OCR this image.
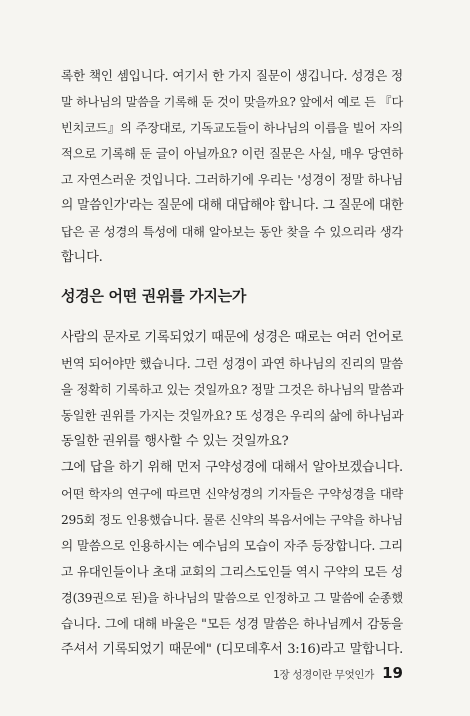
록한 책인 셈입니다. 여기서 한 가지 질문이 생깁니다. 성경은 정
말 하나님의 말씀을 기록해 둔 것이 맞을까요? 앞에서 예로 든 『다
빈치코드』의 주장대로, 기독교도들이 하나님의 이름을 빌어 자의
적으로 기록해 둔 글이 아닐까요? 이런 질문은 사실, 매우 당연하
고 자연스러운 것입니다. 그러하기에 우리는 '성경이 정말 하나님
의 말씀인가'라는 질문에 대해 대답해야 합니다. 그 질문에 대한
답은 곧 성경의 특성에 대해 알아보는 동안 찾을 수 있으리라 생각
합니다.
성경은 어떤 권위를 가지는가
사람의 문자로 기록되었기 때문에 성경은 때로는 여러 언어로
번역 되어야만 했습니다. 그런 성경이 과연 하나님의 진리의 말씀
을 정확히 기록하고 있는 것일까요? 정말 그것은 하나님의 말씀과
동일한 권위를 가지는 것일까요? 또 성경은 우리의 삶에 하나님과
동일한 권위를 행사할 수 있는 것일까요?
그에 답을 하기 위해 먼저 구약성경에 대해서 알아보겠습니다.
어떤 학자의 연구에 따르면 신약성경의 기자들은 구약성경을 대략
295회 정도 인용했습니다. 물론 신약의 복음서에는 구약을 하나님
의 말씀으로 인용하시는 예수님의 모습이 자주 등장합니다. 그리
고 유대인들이나 초대 교회의 그리스도인들 역시 구약의 모든 성
경(39권으로 된)을 하나님의 말씀으로 인정하고 그 말씀에 순종했
습니다. 그에 대해 바울은 "모든 성경 말씀은 하나님께서 감동을
주셔서 기록되었기 때문에" (디모데후서 3:16)라고 말합니다.
1장 성경이란 무엇인가 19
